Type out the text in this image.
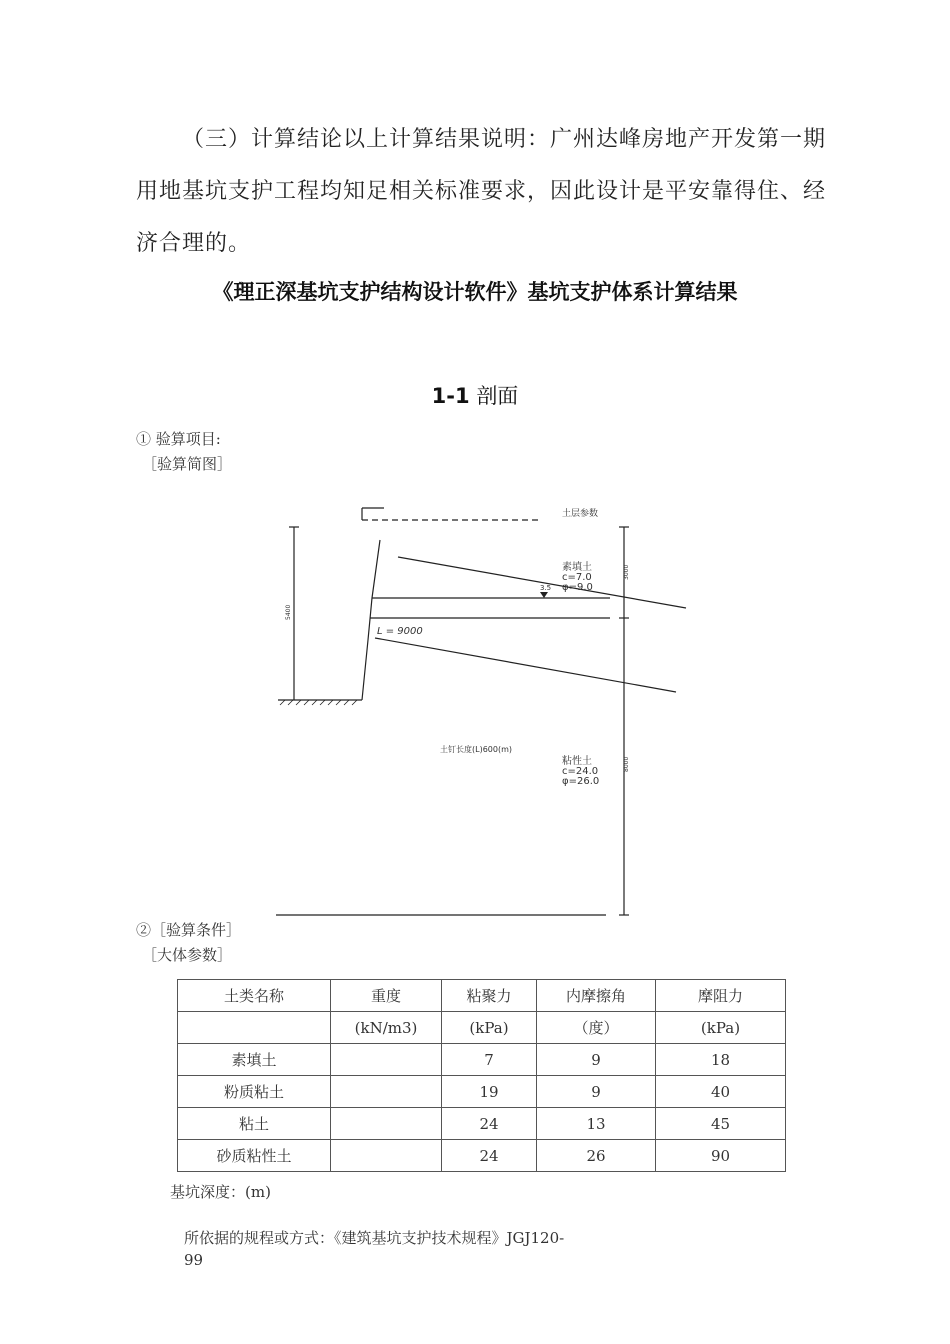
（三）计算结论以上计算结果说明：广州达峰房地产开发第一期
用地基坑支护工程均知足相关标准要求，因此设计是平安靠得住、经
济合理的。
《理正深基坑支护结构设计软件》基坑支护体系计算结果
1-1 剖面
① 验算项目:
［验算简图］
3.5
土层参数
L = 9000
素填土
c=7.0
φ=9.0
土钉长度(L)600(m)
粘性土
c=24.0
φ=26.0
5400
3000
8000
②［验算条件］
［大体参数］
土类名称	重度	粘聚力	内摩擦角	摩阻力
	(kN/m3)	(kPa)	（度）	(kPa)
素填土		7	9	18
粉质粘土		19	9	40
粘土		24	13	45
砂质粘性土		24	26	90
基坑深度：(m)
所依据的规程或方式：《建筑基坑支护技术规程》JGJ120-
99
